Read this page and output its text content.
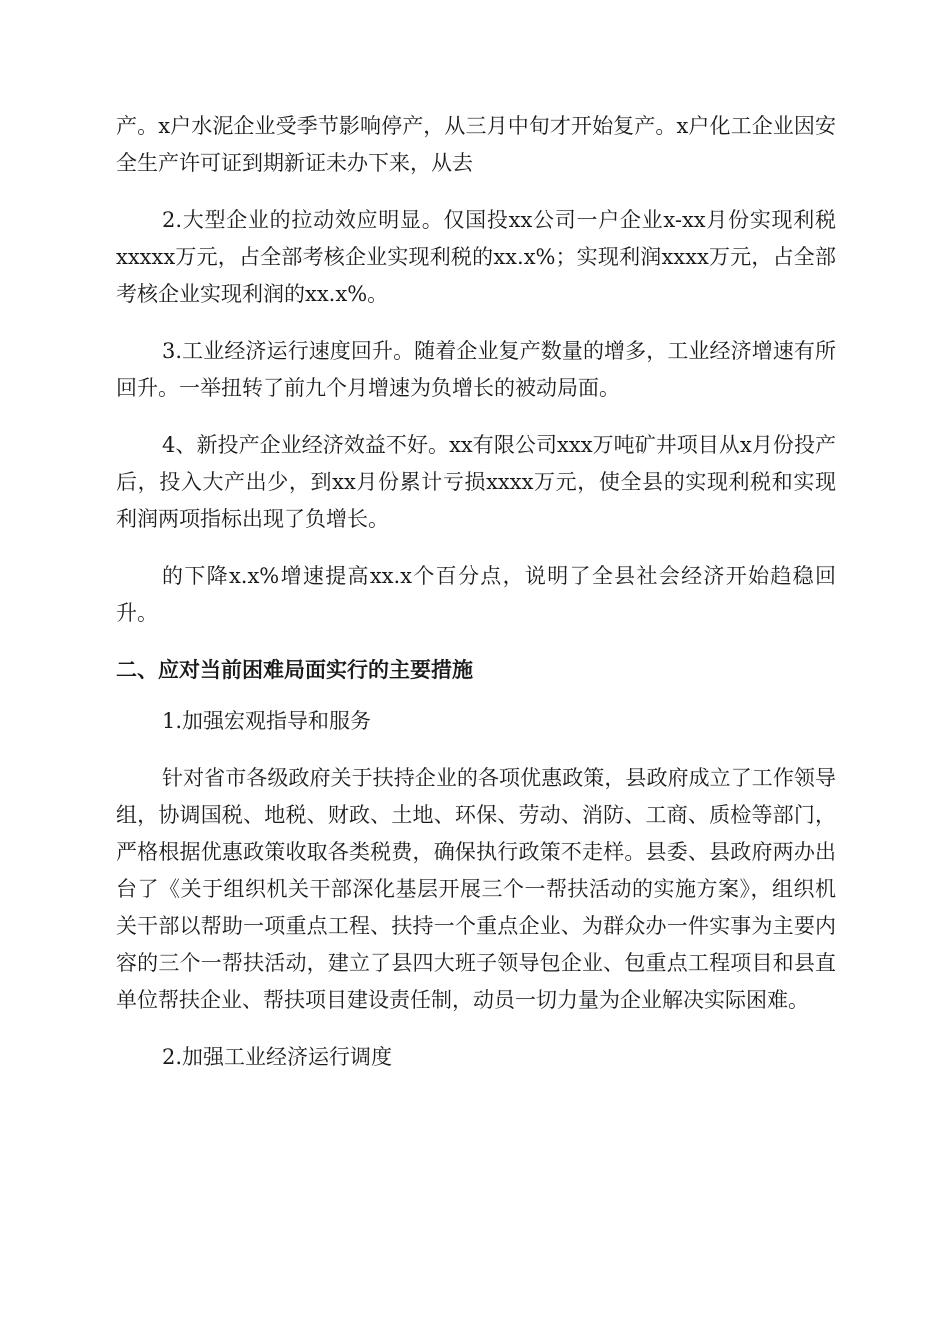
产。x户水泥企业受季节影响停产，从三月中旬才开始复产。x户化工企业因安全生产许可证到期新证未办下来，从去

2.大型企业的拉动效应明显。仅国投xx公司一户企业x-xx月份实现利税xxxxx万元，占全部考核企业实现利税的xx.x%；实现利润xxxx万元，占全部考核企业实现利润的xx.x%。

3.工业经济运行速度回升。随着企业复产数量的增多，工业经济增速有所回升。一举扭转了前九个月增速为负增长的被动局面。

4、新投产企业经济效益不好。xx有限公司xxx万吨矿井项目从x月份投产后，投入大产出少，到xx月份累计亏损xxxx万元，使全县的实现利税和实现利润两项指标出现了负增长。

的下降x.x%增速提高xx.x个百分点，说明了全县社会经济开始趋稳回升。

二、应对当前困难局面实行的主要措施

1.加强宏观指导和服务

针对省市各级政府关于扶持企业的各项优惠政策，县政府成立了工作领导组，协调国税、地税、财政、土地、环保、劳动、消防、工商、质检等部门，严格根据优惠政策收取各类税费，确保执行政策不走样。县委、县政府两办出台了《关于组织机关干部深化基层开展三个一帮扶活动的实施方案》，组织机关干部以帮助一项重点工程、扶持一个重点企业、为群众办一件实事为主要内容的三个一帮扶活动，建立了县四大班子领导包企业、包重点工程项目和县直单位帮扶企业、帮扶项目建设责任制，动员一切力量为企业解决实际困难。

2.加强工业经济运行调度
